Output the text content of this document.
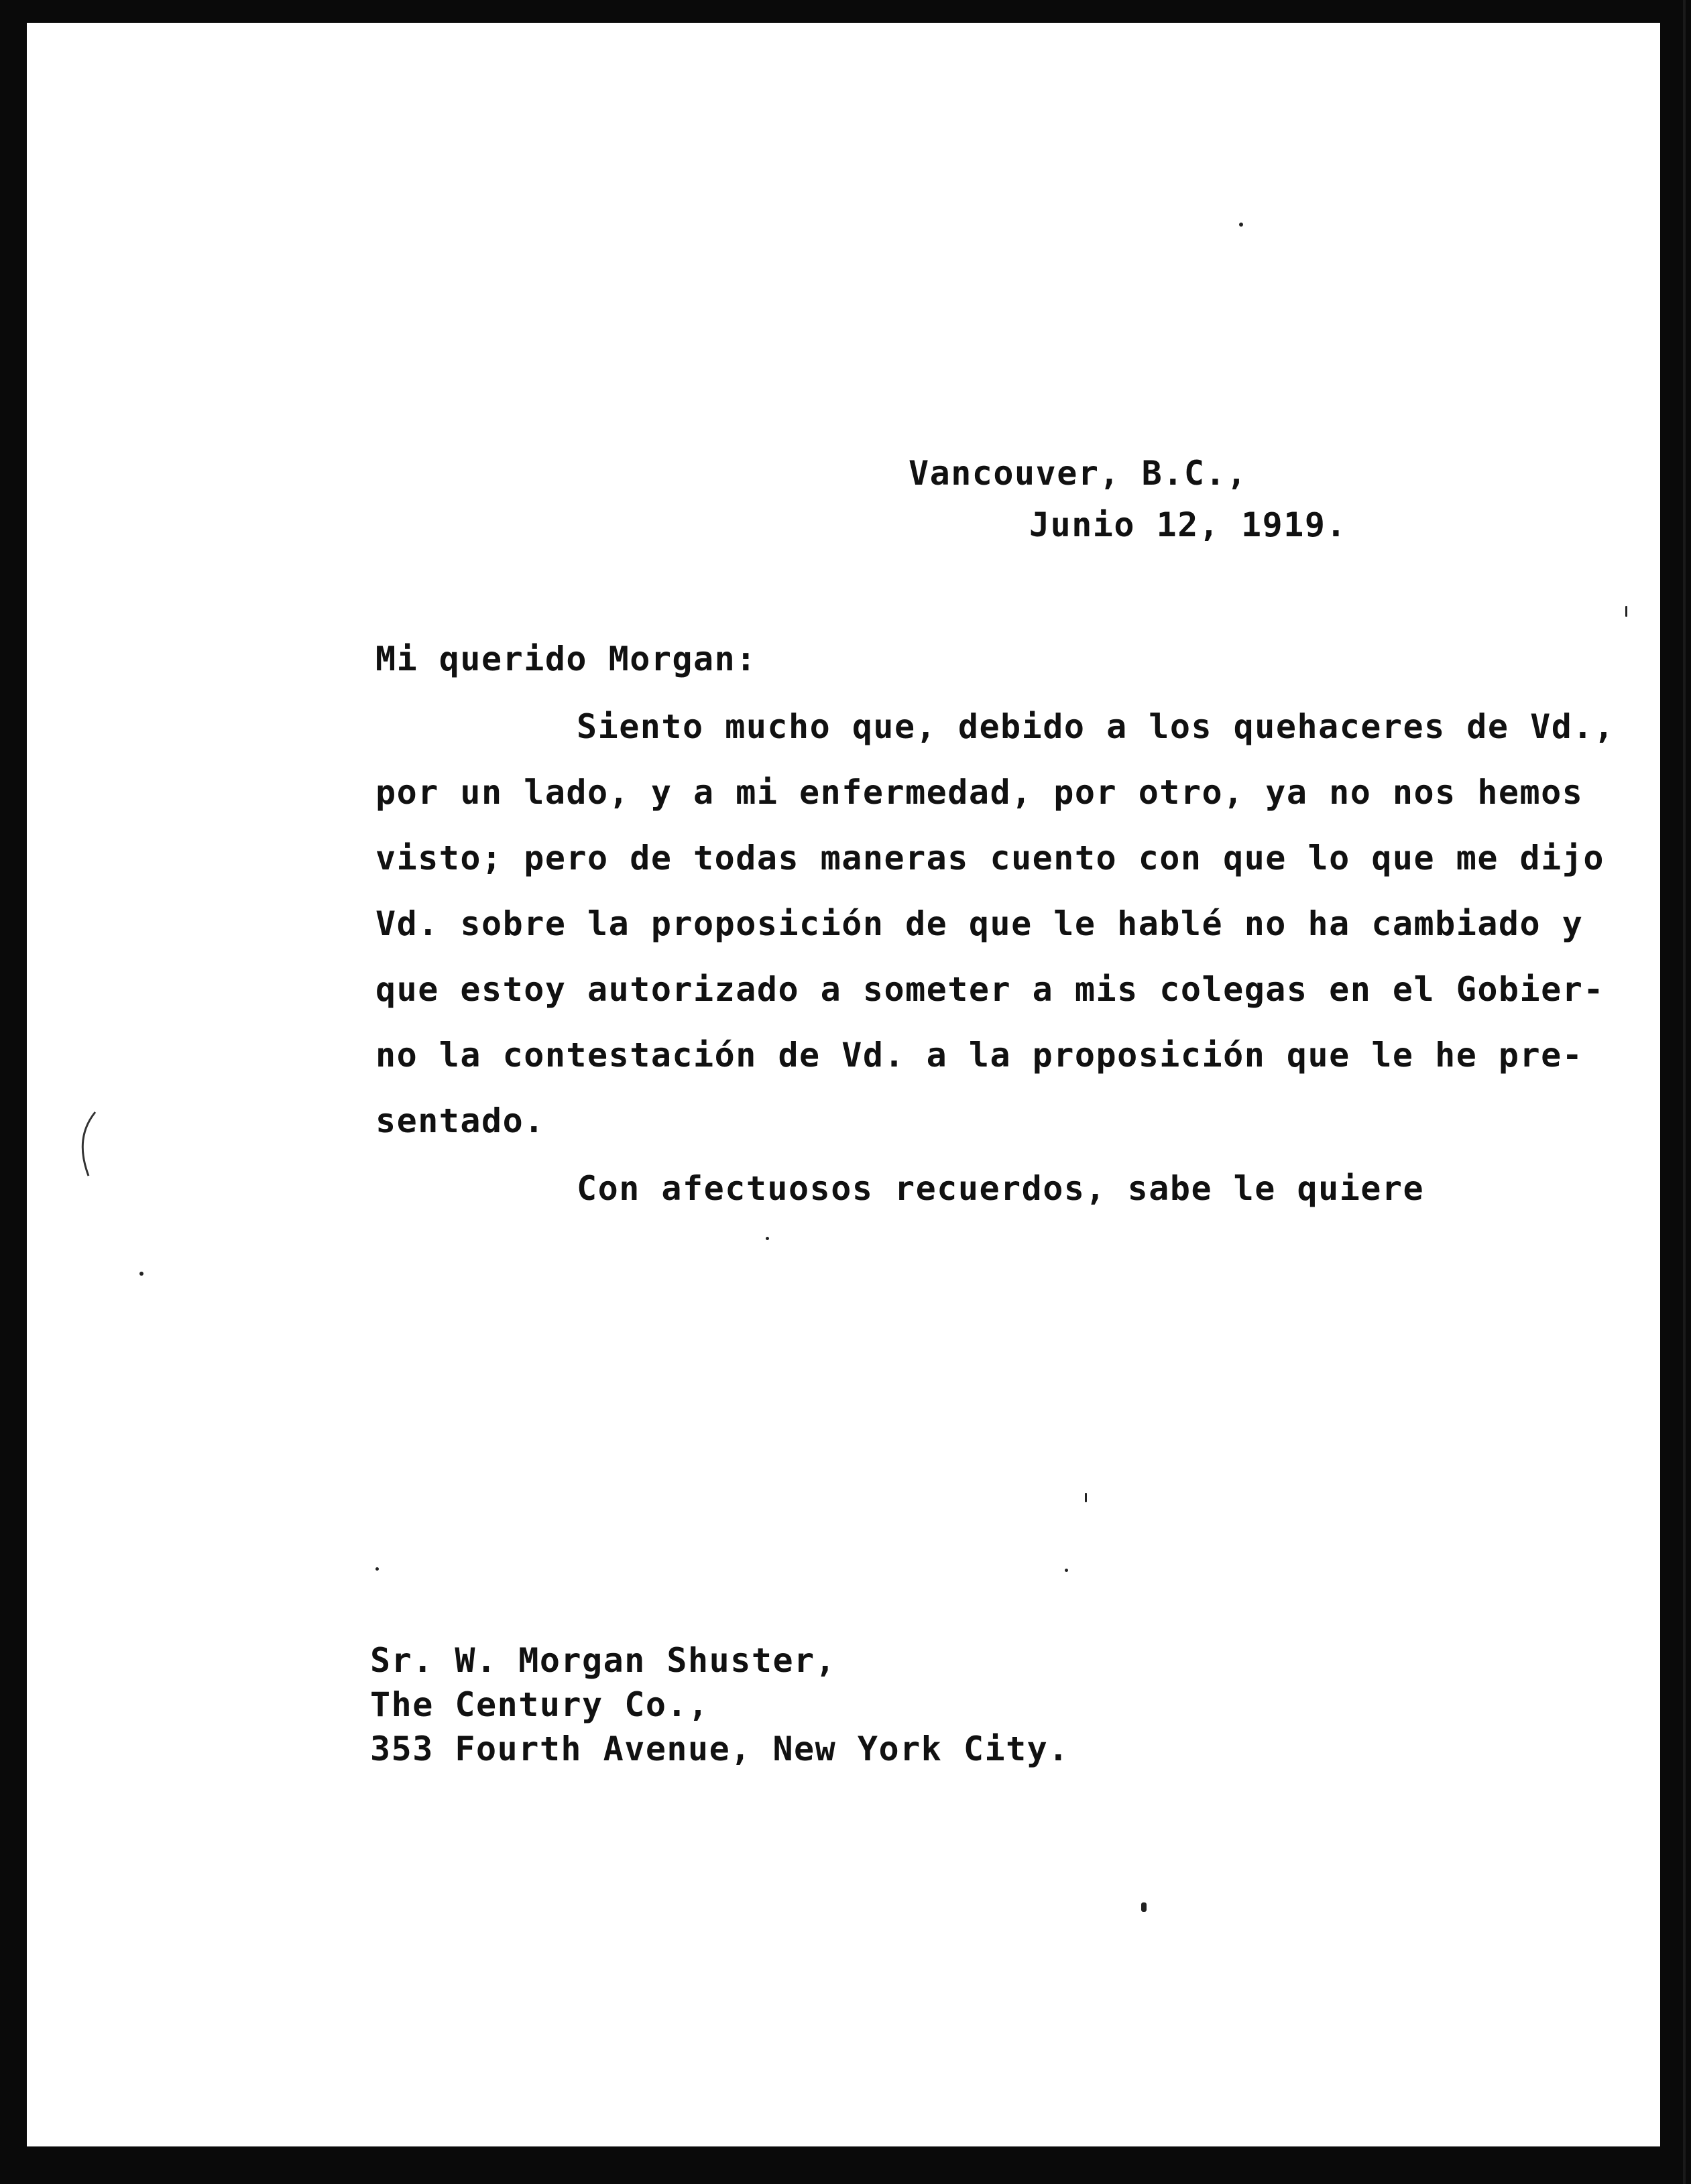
Vancouver, B.C.,
Junio 12, 1919.
Mi querido Morgan:
Siento mucho que, debido a los quehaceres de Vd.,
por un lado, y a mi enfermedad, por otro, ya no nos hemos
visto; pero de todas maneras cuento con que lo que me dijo
Vd. sobre la proposición de que le hablé no ha cambiado y
que estoy autorizado a someter a mis colegas en el Gobier-
no la contestación de Vd. a la proposición que le he pre-
sentado.
Con afectuosos recuerdos, sabe le quiere
Sr. W. Morgan Shuster,
The Century Co.,
353 Fourth Avenue, New York City.
